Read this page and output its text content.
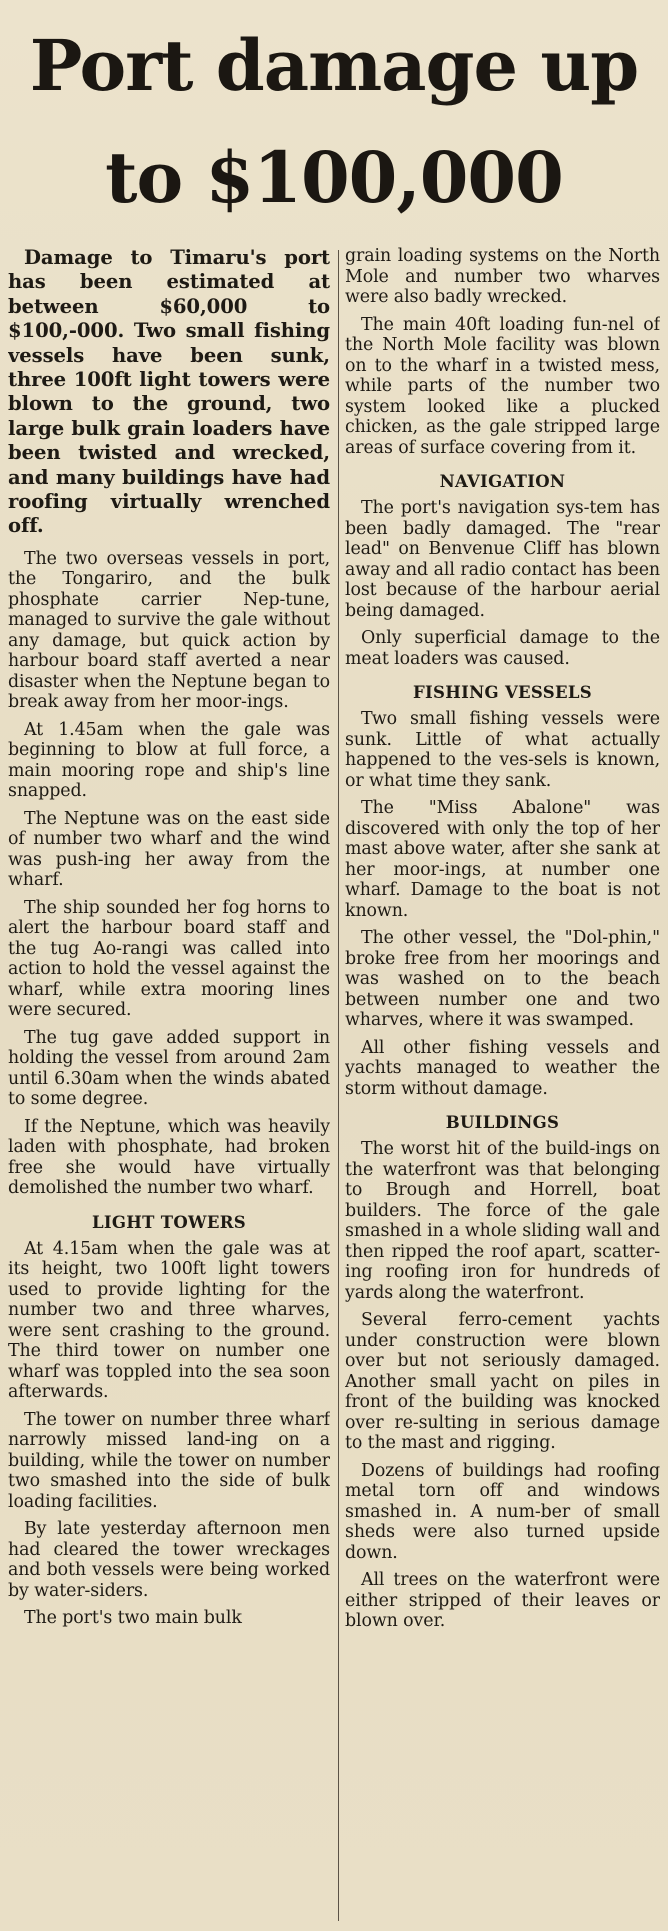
Port damage up
to $100,000

Damage to Timaru's port has been estimated at between $60,000 to $100,-000. Two small fishing vessels have been sunk, three 100ft light towers were blown to the ground, two large bulk grain loaders have been twisted and wrecked, and many buildings have had roofing virtually wrenched off.

The two overseas vessels in port, the Tongariro, and the bulk phosphate carrier Nep-tune, managed to survive the gale without any damage, but quick action by harbour board staff averted a near disaster when the Neptune began to break away from her moor-ings.

At 1.45am when the gale was beginning to blow at full force, a main mooring rope and ship's line snapped.

The Neptune was on the east side of number two wharf and the wind was push-ing her away from the wharf.

The ship sounded her fog horns to alert the harbour board staff and the tug Ao-rangi was called into action to hold the vessel against the wharf, while extra mooring lines were secured.

The tug gave added support in holding the vessel from around 2am until 6.30am when the winds abated to some degree.

If the Neptune, which was heavily laden with phosphate, had broken free she would have virtually demolished the number two wharf.

LIGHT TOWERS

At 4.15am when the gale was at its height, two 100ft light towers used to provide lighting for the number two and three wharves, were sent crashing to the ground. The third tower on number one wharf was toppled into the sea soon afterwards.

The tower on number three wharf narrowly missed land-ing on a building, while the tower on number two smashed into the side of bulk loading facilities.

By late yesterday afternoon men had cleared the tower wreckages and both vessels were being worked by water-siders.

The port's two main bulk

grain loading systems on the North Mole and number two wharves were also badly wrecked.

The main 40ft loading fun-nel of the North Mole facility was blown on to the wharf in a twisted mess, while parts of the number two system looked like a plucked chicken, as the gale stripped large areas of surface covering from it.

NAVIGATION

The port's navigation sys-tem has been badly damaged. The "rear lead" on Benvenue Cliff has blown away and all radio contact has been lost because of the harbour aerial being damaged.

Only superficial damage to the meat loaders was caused.

FISHING VESSELS

Two small fishing vessels were sunk. Little of what actually happened to the ves-sels is known, or what time they sank.

The "Miss Abalone" was discovered with only the top of her mast above water, after she sank at her moor-ings, at number one wharf. Damage to the boat is not known.

The other vessel, the "Dol-phin," broke free from her moorings and was washed on to the beach between number one and two wharves, where it was swamped.

All other fishing vessels and yachts managed to weather the storm without damage.

BUILDINGS

The worst hit of the build-ings on the waterfront was that belonging to Brough and Horrell, boat builders. The force of the gale smashed in a whole sliding wall and then ripped the roof apart, scatter-ing roofing iron for hundreds of yards along the waterfront.

Several ferro-cement yachts under construction were blown over but not seriously damaged. Another small yacht on piles in front of the building was knocked over re-sulting in serious damage to the mast and rigging.

Dozens of buildings had roofing metal torn off and windows smashed in. A num-ber of small sheds were also turned upside down.

All trees on the waterfront were either stripped of their leaves or blown over.
